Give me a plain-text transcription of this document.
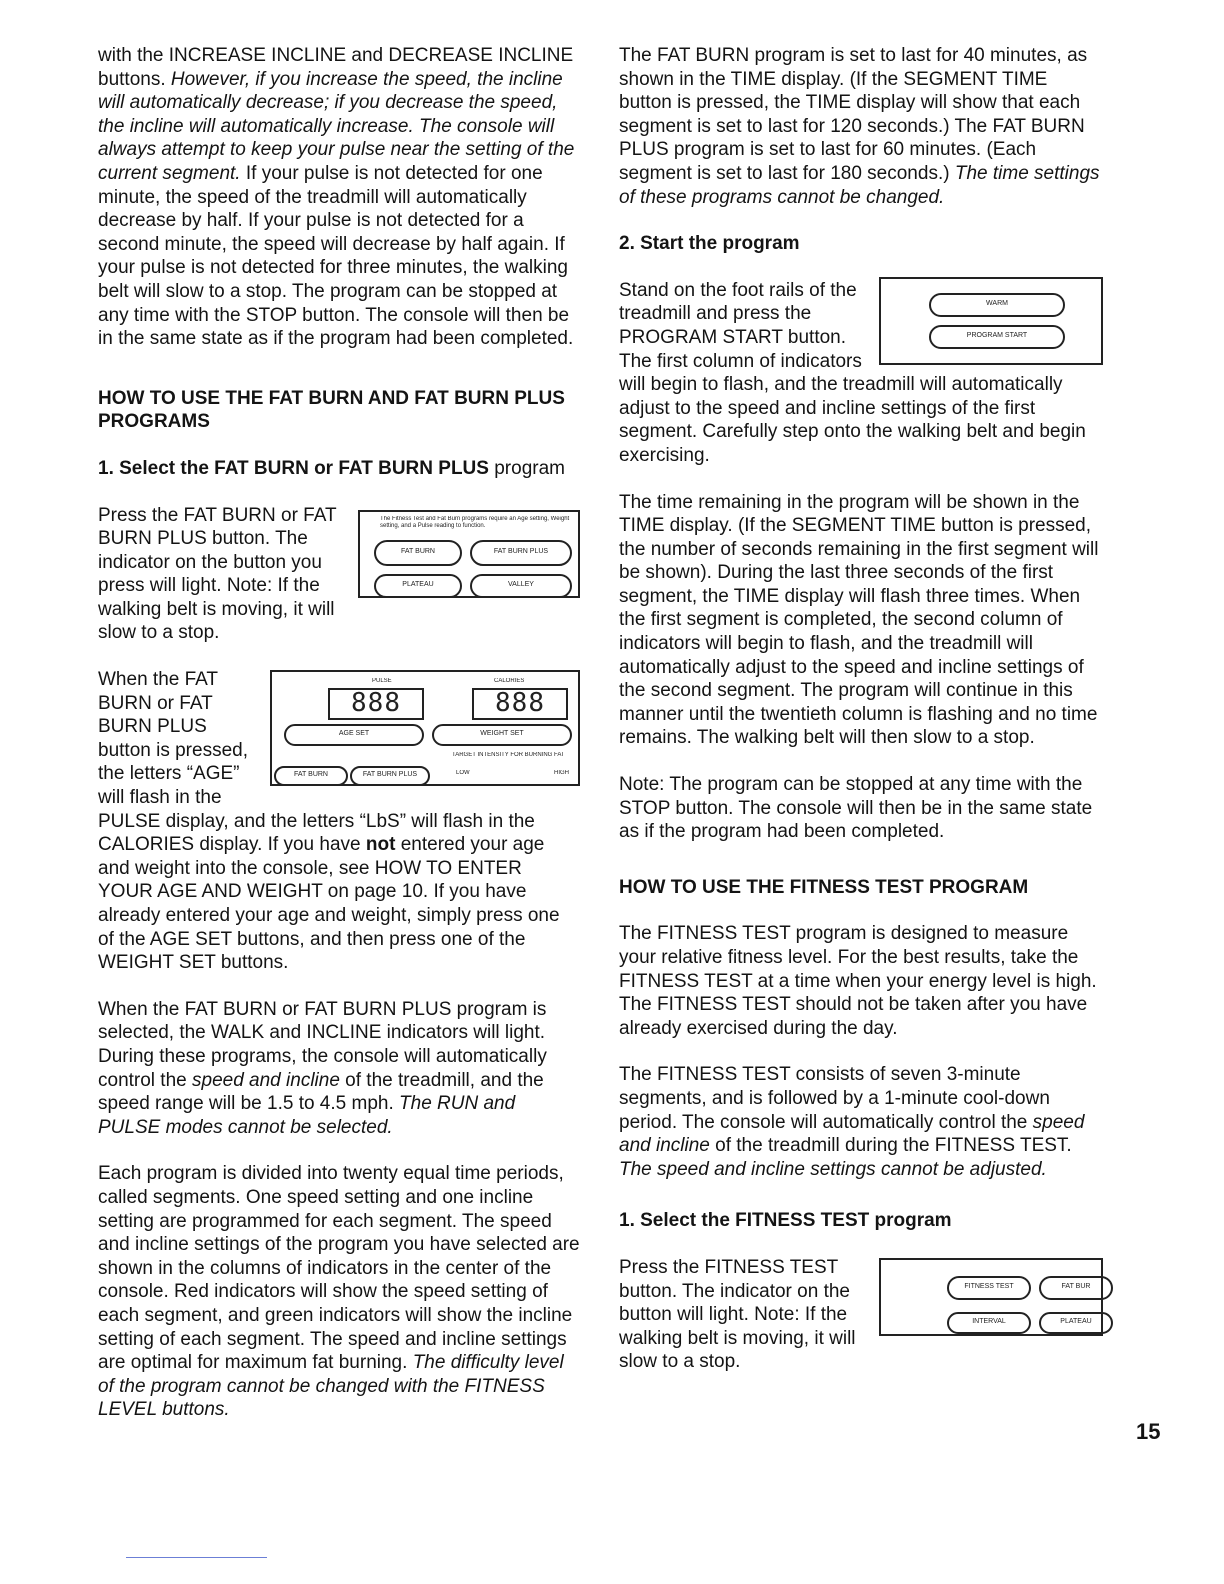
with the INCREASE INCLINE and DECREASE INCLINE buttons. However, if you increase the speed, the incline will automatically decrease; if you decrease the speed, the incline will automatically increase. The console will always attempt to keep your pulse near the setting of the current segment. If your pulse is not detected for one minute, the speed of the treadmill will automatically decrease by half. If your pulse is not detected for a second minute, the speed will decrease by half again. If your pulse is not detected for three minutes, the walking belt will slow to a stop. The program can be stopped at any time with the STOP button. The console will then be in the same state as if the program had been completed.

HOW TO USE THE FAT BURN AND FAT BURN PLUS PROGRAMS

1. Select the FAT BURN or FAT BURN PLUS program

The Fitness Test and Fat Burn programs require an Age setting, Weight setting, and a Pulse reading to function.
FAT BURN	FAT BURN PLUS
PLATEAU	VALLEY

Press the FAT BURN or FAT BURN PLUS button. The indicator on the button you press will light. Note: If the walking belt is moving, it will slow to a stop.

PULSE	CALORIES
888	888
AGE SET	WEIGHT SET
TARGET INTENSITY FOR BURNING FAT
FAT BURN	FAT BURN PLUS	LOW	HIGH

When the FAT BURN or FAT BURN PLUS button is pressed, the letters “AGE” will flash in the PULSE display, and the letters “LbS” will flash in the CALORIES display. If you have not entered your age and weight into the console, see HOW TO ENTER YOUR AGE AND WEIGHT on page 10. If you have already entered your age and weight, simply press one of the AGE SET buttons, and then press one of the WEIGHT SET buttons.

When the FAT BURN or FAT BURN PLUS program is selected, the WALK and INCLINE indicators will light. During these programs, the console will automatically control the speed and incline of the treadmill, and the speed range will be 1.5 to 4.5 mph. The RUN and PULSE modes cannot be selected.

Each program is divided into twenty equal time periods, called segments. One speed setting and one incline setting are programmed for each segment. The speed and incline settings of the program you have selected are shown in the columns of indicators in the center of the console. Red indicators will show the speed setting of each segment, and green indicators will show the incline setting of each segment. The speed and incline settings are optimal for maximum fat burning. The difficulty level of the program cannot be changed with the FITNESS LEVEL buttons.

The FAT BURN program is set to last for 40 minutes, as shown in the TIME display. (If the SEGMENT TIME button is pressed, the TIME display will show that each segment is set to last for 120 seconds.) The FAT BURN PLUS program is set to last for 60 minutes. (Each segment is set to last for 180 seconds.) The time settings of these programs cannot be changed.

2. Start the program

WARM
PROGRAM START

Stand on the foot rails of the treadmill and press the PROGRAM START button. The first column of indicators will begin to flash, and the treadmill will automatically adjust to the speed and incline settings of the first segment. Carefully step onto the walking belt and begin exercising.

The time remaining in the program will be shown in the TIME display. (If the SEGMENT TIME button is pressed, the number of seconds remaining in the first segment will be shown). During the last three seconds of the first segment, the TIME display will flash three times. When the first segment is completed, the second column of indicators will begin to flash, and the treadmill will automatically adjust to the speed and incline settings of the second segment. The program will continue in this manner until the twentieth column is flashing and no time remains. The walking belt will then slow to a stop.

Note: The program can be stopped at any time with the STOP button. The console will then be in the same state as if the program had been completed.

HOW TO USE THE FITNESS TEST PROGRAM

The FITNESS TEST program is designed to measure your relative fitness level. For the best results, take the FITNESS TEST at a time when your energy level is high. The FITNESS TEST should not be taken after you have already exercised during the day.

The FITNESS TEST consists of seven 3-minute segments, and is followed by a 1-minute cool-down period. The console will automatically control the speed and incline of the treadmill during the FITNESS TEST. The speed and incline settings cannot be adjusted.

1. Select the FITNESS TEST program

FITNESS TEST	FAT BUR
INTERVAL	PLATEAU

Press the FITNESS TEST button. The indicator on the button will light. Note: If the walking belt is moving, it will slow to a stop.

15
